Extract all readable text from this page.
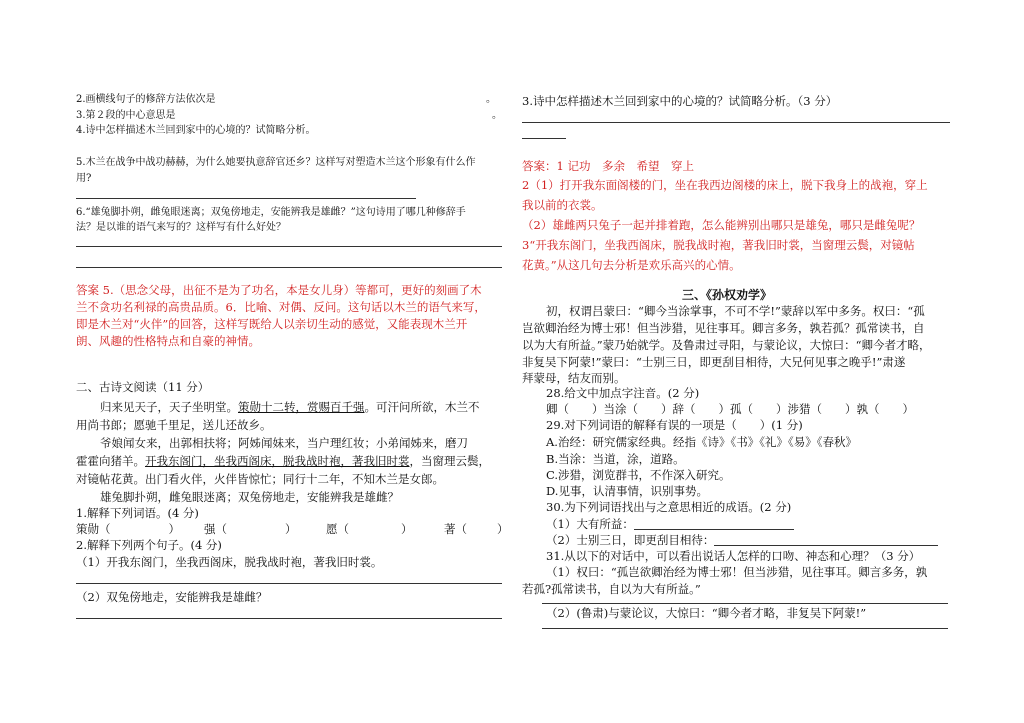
2.画横线句子的修辞方法依次是	。
3.第２段的中心意思是	。
4.诗中怎样描述木兰回到家中的心境的？试简略分析。
5.木兰在战争中战功赫赫，为什么她要执意辞官还乡？这样写对塑造木兰这个形象有什么作
用?
6.“雄兔脚扑朔，雌兔眼迷离；双兔傍地走，安能辨我是雄雌？”这句诗用了哪几种修辞手
法？是以谁的语气来写的？这样写有什么好处？
答案 5.（思念父母，出征不是为了功名，本是女儿身）等都可，更好的刻画了木
兰不贪功名利禄的高贵品质。6．比喻、对偶、反问。这句话以木兰的语气来写，
即是木兰对“火伴”的回答，这样写既给人以亲切生动的感觉，又能表现木兰开
朗、风趣的性格特点和自豪的神情。
二、古诗文阅读（11 分）
归来见天子，天子坐明堂。策勋十二转，赏赐百千强。可汗问所欲，木兰不
用尚书郎；愿驰千里足，送儿还故乡。
爷娘闻女来，出郭相扶将；阿姊闻妹来，当户理红妆；小弟闻姊来，磨刀
霍霍向猪羊。开我东阁门，坐我西阁床，脱我战时袍，著我旧时裳，当窗理云鬓，
对镜帖花黄。出门看火伴，火伴皆惊忙；同行十二年，不知木兰是女郎。
雄兔脚扑朔，雌兔眼迷离；双兔傍地走，安能辨我是雄雌？
1.解释下列词语。(4 分)
策勋（	） 强（	）	愿（	）	著（	）
2.解释下列两个句子。(4 分)
（1）开我东阁门，坐我西阁床，脱我战时袍，著我旧时裳。
（2）双兔傍地走，安能辨我是雄雌？
3.诗中怎样描述木兰回到家中的心境的？试简略分析。（3 分）
答案：1 记功　多余　希望　穿上
2（1）打开我东面阁楼的门，坐在我西边阁楼的床上，脱下我身上的战袍，穿上
我以前的衣裳。
（2）雄雌两只兔子一起并排着跑，怎么能辨别出哪只是雄兔，哪只是雌兔呢？
3“开我东阁门，坐我西阁床，脱我战时袍，著我旧时裳，当窗理云鬓，对镜帖
花黄。”从这几句去分析是欢乐高兴的心情。
三、《孙权劝学》
初，权谓吕蒙曰：“卿今当涂掌事，不可不学!”蒙辞以军中多务。权曰：“孤
岂欲卿治经为博士邪！但当涉猎，见往事耳。卿言多务，孰若孤？孤常读书，自
以为大有所益。”蒙乃始就学。及鲁肃过寻阳，与蒙论议，大惊曰：“卿今者才略，
非复吴下阿蒙!”蒙曰：“士别三日，即更刮目相待，大兄何见事之晚乎!”肃遂
拜蒙母，结友而别。
28.给文中加点字注音。(2 分)
卿（　　）当涂（　　）辞（　　）孤（　　）涉猎（　　）孰（　　）
29.对下列词语的解释有误的一项是（　　）(1 分)
A.治经：研究儒家经典。经指《诗》《书》《礼》《易》《春秋》
B.当涂：当道，涂，道路。
C.涉猎，浏览群书，不作深入研究。
D.见事，认清事情，识别事势。
30.为下列词语找出与之意思相近的成语。(2 分)
（1）大有所益：
（2）士别三日，即更刮目相待：
31.从以下的对话中，可以看出说话人怎样的口吻、神态和心理？（3 分）
（1）权曰：“孤岂欲卿治经为博士邪！但当涉猎，见往事耳。卿言多务，孰
若孤?孤常读书，自以为大有所益。”
（2）(鲁肃)与蒙论议，大惊曰：“卿今者才略，非复吴下阿蒙!”
